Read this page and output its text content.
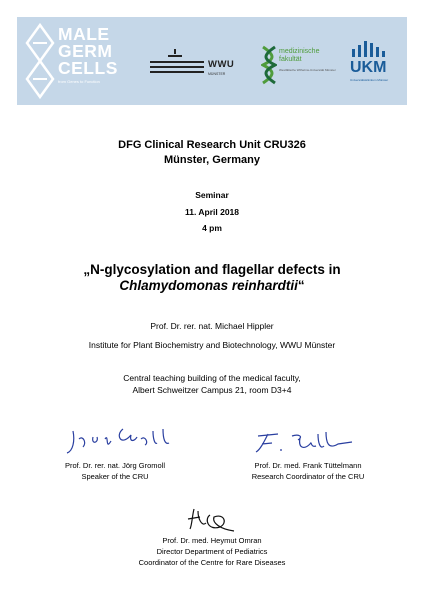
MALE
GERM
CELLS
from Genes to Function
WWU
MÜNSTER
medizinische
fakultät
Westfälische Wilhelms-Universität Münster UKM
Universitätsklinikum Münster
DFG Clinical Research Unit CRU326
Münster, Germany
Seminar
11. April 2018
4 pm
„N-glycosylation and flagellar defects in
Chlamydomonas reinhardtii“
Prof. Dr. rer. nat. Michael Hippler
Institute for Plant Biochemistry and Biotechnology, WWU Münster
Central teaching building of the medical faculty,
Albert Schweitzer Campus 21, room D3+4
Prof. Dr. rer. nat. Jörg Gromoll
Speaker of the CRU
Prof. Dr. med. Frank Tüttelmann
Research Coordinator of the CRU
Prof. Dr. med. Heymut Omran
Director Department of Pediatrics
Coordinator of the Centre for Rare Diseases
